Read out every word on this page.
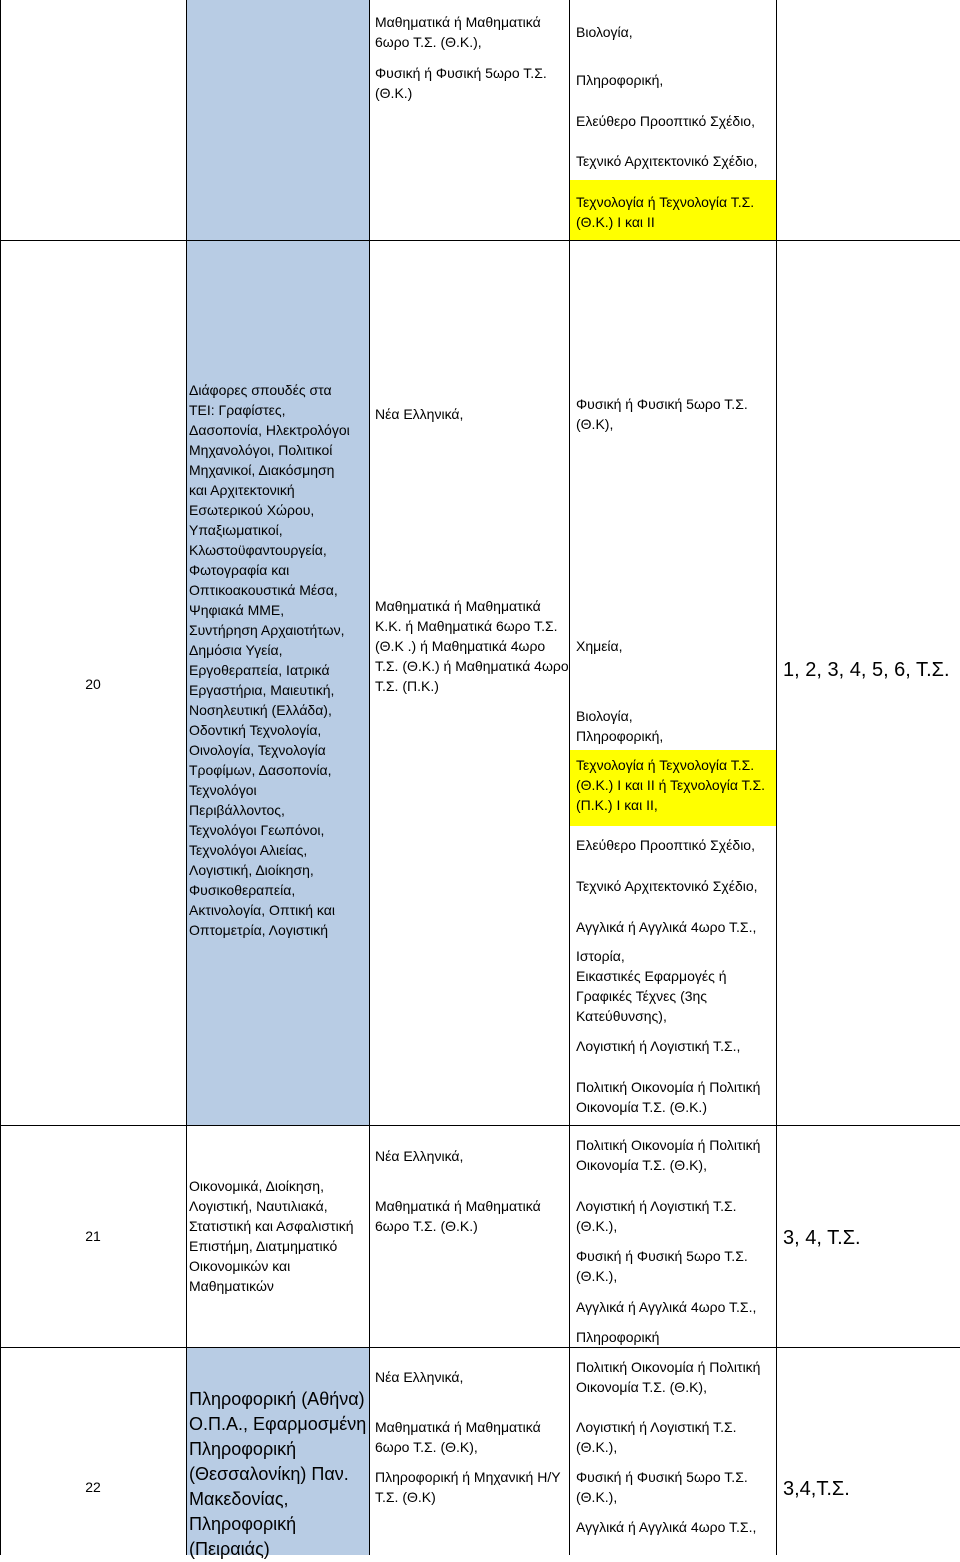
Μαθηματικά ή Μαθηματικά
6ωρο Τ.Σ. (Θ.Κ.),
Φυσική ή Φυσική 5ωρο Τ.Σ.
(Θ.Κ.)
Βιολογία,
Πληροφορική,
Ελεύθερο Προοπτικό Σχέδιο,
Τεχνικό Αρχιτεκτονικό Σχέδιο,
Τεχνολογία ή Τεχνολογία Τ.Σ.
(Θ.Κ.) Ι και ΙΙ
20
Διάφορες σπουδές στα
ΤΕΙ: Γραφίστες,
Δασοπονία, Ηλεκτρολόγοι
Μηχανολόγοι, Πολιτικοί
Μηχανικοί, Διακόσμηση
και Αρχιτεκτονική
Εσωτερικού Χώρου,
Υπαξιωματικοί,
Κλωστοϋφαντουργεία,
Φωτογραφία και
Οπτικοακουστικά Μέσα,
Ψηφιακά ΜΜΕ,
Συντήρηση Αρχαιοτήτων,
Δημόσια Υγεία,
Εργοθεραπεία, Ιατρικά
Εργαστήρια, Μαιευτική,
Νοσηλευτική (Ελλάδα),
Οδοντική Τεχνολογία,
Οινολογία, Τεχνολογία
Τροφίμων, Δασοπονία,
Τεχνολόγοι
Περιβάλλοντος,
Τεχνολόγοι Γεωπόνοι,
Τεχνολόγοι Αλιείας,
Λογιστική, Διοίκηση,
Φυσικοθεραπεία,
Ακτινολογία, Οπτική και
Οπτομετρία, Λογιστική
Νέα Ελληνικά,
Μαθηματικά ή Μαθηματικά
Κ.Κ. ή Μαθηματικά 6ωρο Τ.Σ.
(Θ.Κ .) ή Μαθηματικά 4ωρο
Τ.Σ. (Θ.Κ.) ή Μαθηματικά 4ωρο
Τ.Σ. (Π.Κ.)
Φυσική ή Φυσική 5ωρο Τ.Σ.
(Θ.Κ),
Χημεία,
Βιολογία,
Πληροφορική,
Τεχνολογία ή Τεχνολογία Τ.Σ.
(Θ.Κ.) Ι και ΙΙ ή Τεχνολογία Τ.Σ.
(Π.Κ.) Ι και ΙΙ,
Ελεύθερο Προοπτικό Σχέδιο,
Τεχνικό Αρχιτεκτονικό Σχέδιο,
Αγγλικά ή Αγγλικά 4ωρο Τ.Σ.,
Ιστορία,
Εικαστικές Εφαρμογές ή
Γραφικές Τέχνες (3ης
Κατεύθυνσης),
Λογιστική ή Λογιστική Τ.Σ.,
Πολιτική Οικονομία ή Πολιτική
Οικονομία Τ.Σ. (Θ.Κ.)
1, 2, 3, 4, 5, 6, Τ.Σ.
21
Οικονομικά, Διοίκηση,
Λογιστική, Ναυτιλιακά,
Στατιστική και Ασφαλιστική
Επιστήμη, Διατμηματικό
Οικονομικών και
Μαθηματικών
Νέα Ελληνικά,
Μαθηματικά ή Μαθηματικά
6ωρο Τ.Σ. (Θ.Κ.)
Πολιτική Οικονομία ή Πολιτική
Οικονομία Τ.Σ. (Θ.Κ),
Λογιστική ή Λογιστική Τ.Σ.
(Θ.Κ.),
Φυσική ή Φυσική 5ωρο Τ.Σ.
(Θ.Κ.),
Αγγλικά ή Αγγλικά 4ωρο Τ.Σ.,
Πληροφορική
3, 4, Τ.Σ.
22
Πληροφορική (Αθήνα)
Ο.Π.Α., Εφαρμοσμένη
Πληροφορική
(Θεσσαλονίκη) Παν.
Μακεδονίας,
Πληροφορική
(Πειραιάς)
Νέα Ελληνικά,
Μαθηματικά ή Μαθηματικά
6ωρο Τ.Σ. (Θ.Κ),
Πληροφορική ή Μηχανική Η/Υ
Τ.Σ. (Θ.Κ)
Πολιτική Οικονομία ή Πολιτική
Οικονομία Τ.Σ. (Θ.Κ),
Λογιστική ή Λογιστική Τ.Σ.
(Θ.Κ.),
Φυσική ή Φυσική 5ωρο Τ.Σ.
(Θ.Κ.),
Αγγλικά ή Αγγλικά 4ωρο Τ.Σ.,
3,4,Τ.Σ.
